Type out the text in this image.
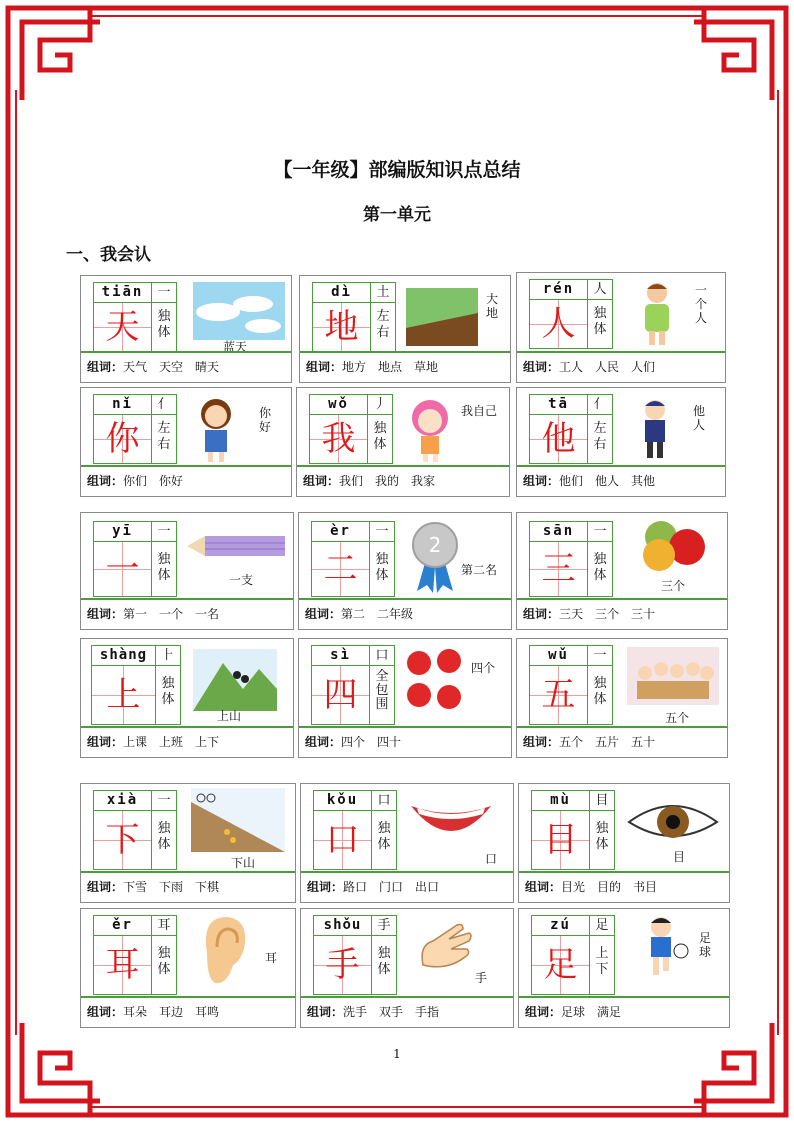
【一年级】部编版知识点总结
第一单元
一、我会认
tiān	一
天	独体
蓝天
组词：天气　天空　晴天
dì	土
地	左右
大地
组词：地方　地点　草地
rén	人
人	独体
一个人
组词：工人　人民　人们
nǐ	亻
你	左右
你好
组词：你们　你好
wǒ	丿
我	独体
我自己
组词：我们　我的　我家
tā	亻
他	左右
他人
组词：他们　他人　其他
yī	一
一	独体	一支
组词：第一　一个　一名
èr	一
二	独体
2
第二名
组词：第二　二年级
sān	一
三	独体
三个
组词：三天　三个　三十
shàng	⺊
上	独体
上山
组词：上课　上班　上下
sì	口
四	全包围
四个
组词：四个　四十
wǔ	一
五	独体
五个
组词：五个　五片　五十
xià	一
下	独体
下山
组词：下雪　下雨　下棋
kǒu	口
口	独体
口
组词：路口　门口　出口
mù	目
目	独体
目
组词：目光　目的　书目
ěr	耳
耳	独体
耳
组词：耳朵　耳边　耳鸣
shǒu	手
手	独体
手
组词：洗手　双手　手指
zú	足
足	上下
足球
组词：足球　满足
1
